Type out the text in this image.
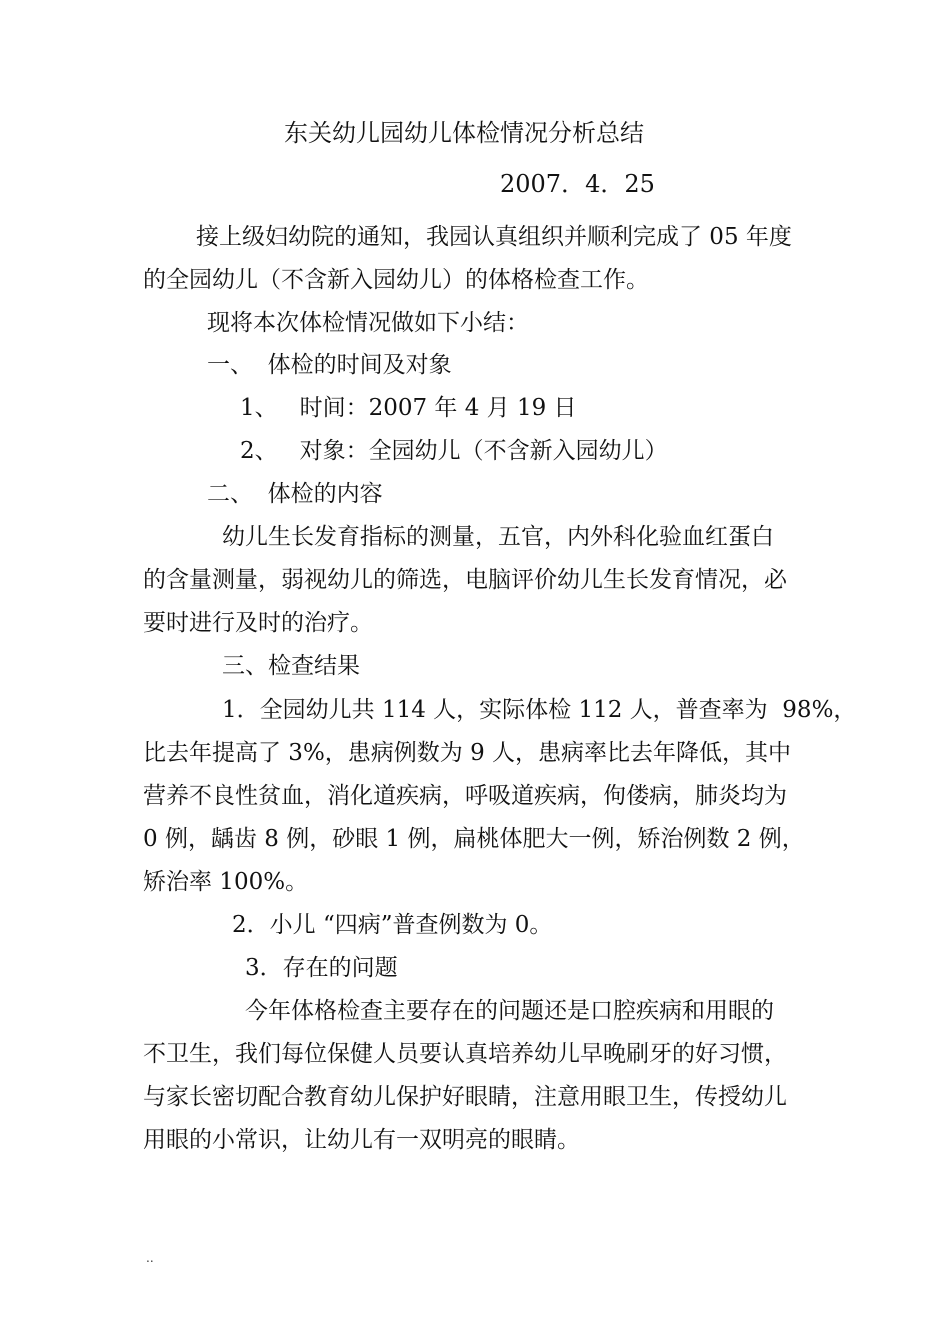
东关幼儿园幼儿体检情况分析总结
2007．4．25
接上级妇幼院的通知，我园认真组织并顺利完成了 05 年度
的全园幼儿（不含新入园幼儿）的体格检查工作。
现将本次体检情况做如下小结：
一、  体检的时间及对象
1、   时间：2007 年 4 月 19 日
2、   对象：全园幼儿（不含新入园幼儿）
二、  体检的内容
幼儿生长发育指标的测量，五官，内外科化验血红蛋白
的含量测量，弱视幼儿的筛选，电脑评价幼儿生长发育情况，必
要时进行及时的治疗。
三、检查结果
1．全园幼儿共 114 人，实际体检 112 人，普查率为  98%，
比去年提高了 3%，患病例数为 9 人，患病率比去年降低，其中
营养不良性贫血，消化道疾病，呼吸道疾病，佝偻病，肺炎均为
0 例，龋齿 8 例，砂眼 1 例，扁桃体肥大一例，矫治例数 2 例，
矫治率 100%。
2．小儿 “四病”普查例数为 0。
3．存在的问题
今年体格检查主要存在的问题还是口腔疾病和用眼的
不卫生，我们每位保健人员要认真培养幼儿早晚刷牙的好习惯，
与家长密切配合教育幼儿保护好眼睛，注意用眼卫生，传授幼儿
用眼的小常识，让幼儿有一双明亮的眼睛。
..
